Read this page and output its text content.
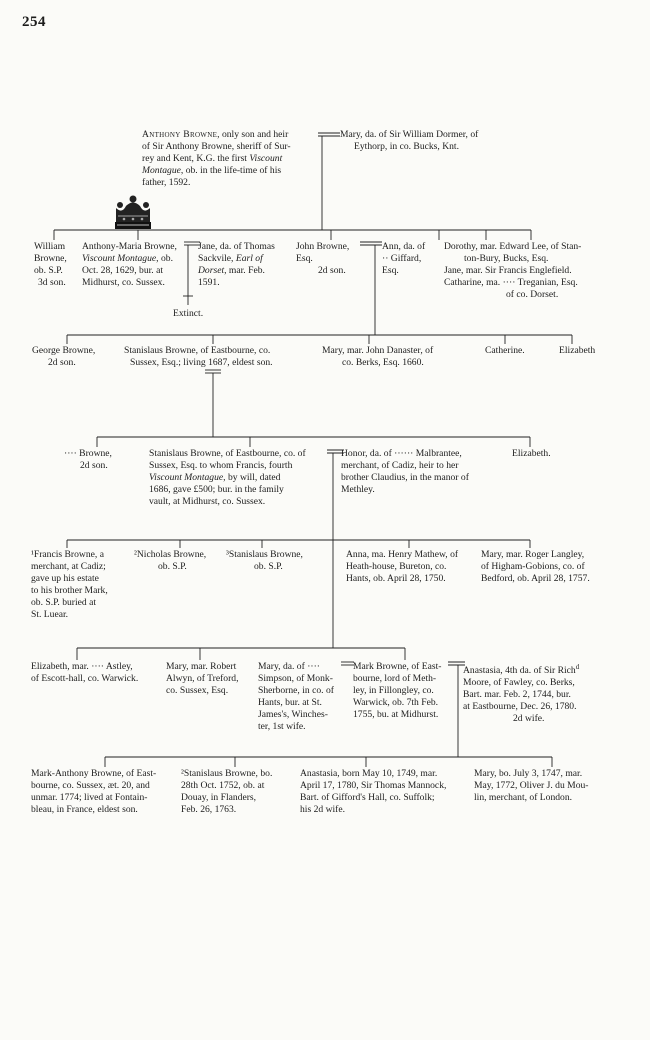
254
Anthony Browne, only son and heir
of Sir Anthony Browne, sheriff of Sur-
rey and Kent, K.G. the first Viscount
Montague, ob. in the life-time of his
father, 1592.
Mary, da. of Sir William Dormer, of
Eythorp, in co. Bucks, Knt.
William
Browne,
ob. S.P.
3d son.
Anthony-Maria Browne,
Viscount Montague, ob.
Oct. 28, 1629, bur. at
Midhurst, co. Sussex.
Jane, da. of Thomas
Sackvile, Earl of
Dorset, mar. Feb.
1591.
Extinct.
John Browne, Esq.
2d son.
Ann, da. of
·· Giffard,
Esq.
Dorothy, mar. Edward Lee, of Stan-
ton-Bury, Bucks, Esq.
Jane, mar. Sir Francis Englefield.
Catharine, ma. ···· Treganian, Esq.
of co. Dorset.
George Browne,
2d son.
Stanislaus Browne, of Eastbourne, co.
Sussex, Esq.; living 1687, eldest son.
Mary, mar. John Danaster, of
co. Berks, Esq. 1660.
Catherine.	Elizabeth
···· Browne,
2d son.
Stanislaus Browne, of Eastbourne, co. of
Sussex, Esq. to whom Francis, fourth
Viscount Montague, by will, dated
1686, gave £500; bur. in the family
vault, at Midhurst, co. Sussex.
Honor, da. of ······ Malbrantee,
merchant, of Cadiz, heir to her
brother Claudius, in the manor of
Methley.
Elizabeth.
¹Francis Browne, a
merchant, at Cadiz;
gave up his estate
to his brother Mark,
ob. S.P. buried at
St. Luear.
²Nicholas Browne,
ob. S.P.
³Stanislaus Browne,
ob. S.P.
Anna, ma. Henry Mathew, of
Heath-house, Bureton, co.
Hants, ob. April 28, 1750.
Mary, mar. Roger Langley,
of Higham-Gobions, co. of
Bedford, ob. April 28, 1757.
Elizabeth, mar. ···· Astley,
of Escott-hall, co. Warwick.
Mary, mar. Robert
Alwyn, of Treford,
co. Sussex, Esq.
Mary, da. of ····
Simpson, of Monk-
Sherborne, in co. of
Hants, bur. at St.
James's, Winches-
ter, 1st wife.
Mark Browne, of East-
bourne, lord of Meth-
ley, in Fillongley, co.
Warwick, ob. 7th Feb.
1755, bu. at Midhurst.
Anastasia, 4th da. of Sir Rich$^d$
Moore, of Fawley, co. Berks,
Bart. mar. Feb. 2, 1744, bur.
at Eastbourne, Dec. 26, 1780.
2d wife.
Mark-Anthony Browne, of East-
bourne, co. Sussex, æt. 20, and
unmar. 1774; lived at Fontain-
bleau, in France, eldest son.
²Stanislaus Browne, bo.
28th Oct. 1752, ob. at
Douay, in Flanders,
Feb. 26, 1763.
Anastasia, born May 10, 1749, mar.
April 17, 1780, Sir Thomas Mannock,
Bart. of Gifford's Hall, co. Suffolk;
his 2d wife.
Mary, bo. July 3, 1747, mar.
May, 1772, Oliver J. du Mou-
lin, merchant, of London.
